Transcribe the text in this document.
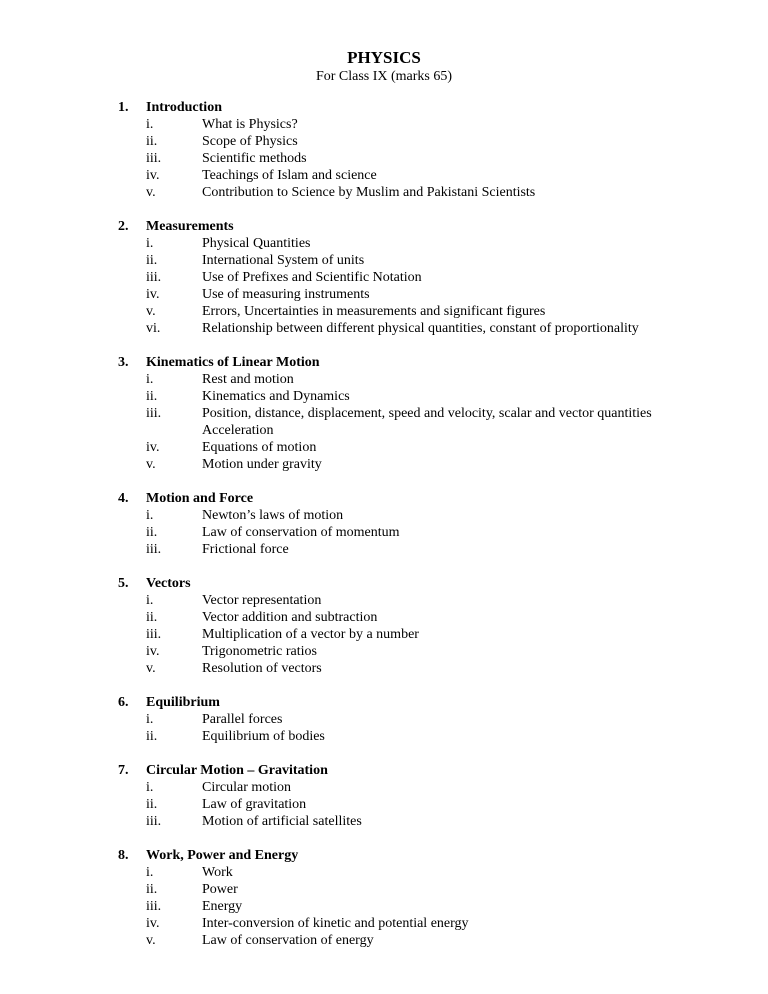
PHYSICS
For Class IX (marks 65)
1. Introduction
i.	What is Physics?
ii.	Scope of Physics
iii.	Scientific methods
iv.	Teachings of Islam and science
v.	Contribution to Science by Muslim and Pakistani Scientists
2. Measurements
i.	Physical Quantities
ii.	International System of units
iii.	Use of Prefixes and Scientific Notation
iv.	Use of measuring instruments
v.	Errors, Uncertainties in measurements and significant figures
vi.	Relationship between different physical quantities, constant of proportionality
3. Kinematics of Linear Motion
i.	Rest and motion
ii.	Kinematics and Dynamics
iii.	Position, distance, displacement, speed and velocity, scalar and vector quantities Acceleration
iv.	Equations of motion
v.	Motion under gravity
4. Motion and Force
i.	Newton’s laws of motion
ii.	Law of conservation of momentum
iii.	Frictional force
5. Vectors
i.	Vector representation
ii.	Vector addition and subtraction
iii.	Multiplication of a vector by a number
iv.	Trigonometric ratios
v.	Resolution of vectors
6. Equilibrium
i.	Parallel forces
ii.	Equilibrium of bodies
7. Circular Motion – Gravitation
i.	Circular motion
ii.	Law of gravitation
iii.	Motion of artificial satellites
8. Work, Power and Energy
i.	Work
ii.	Power
iii.	Energy
iv.	Inter-conversion of kinetic and potential energy
v.	Law of conservation of energy
